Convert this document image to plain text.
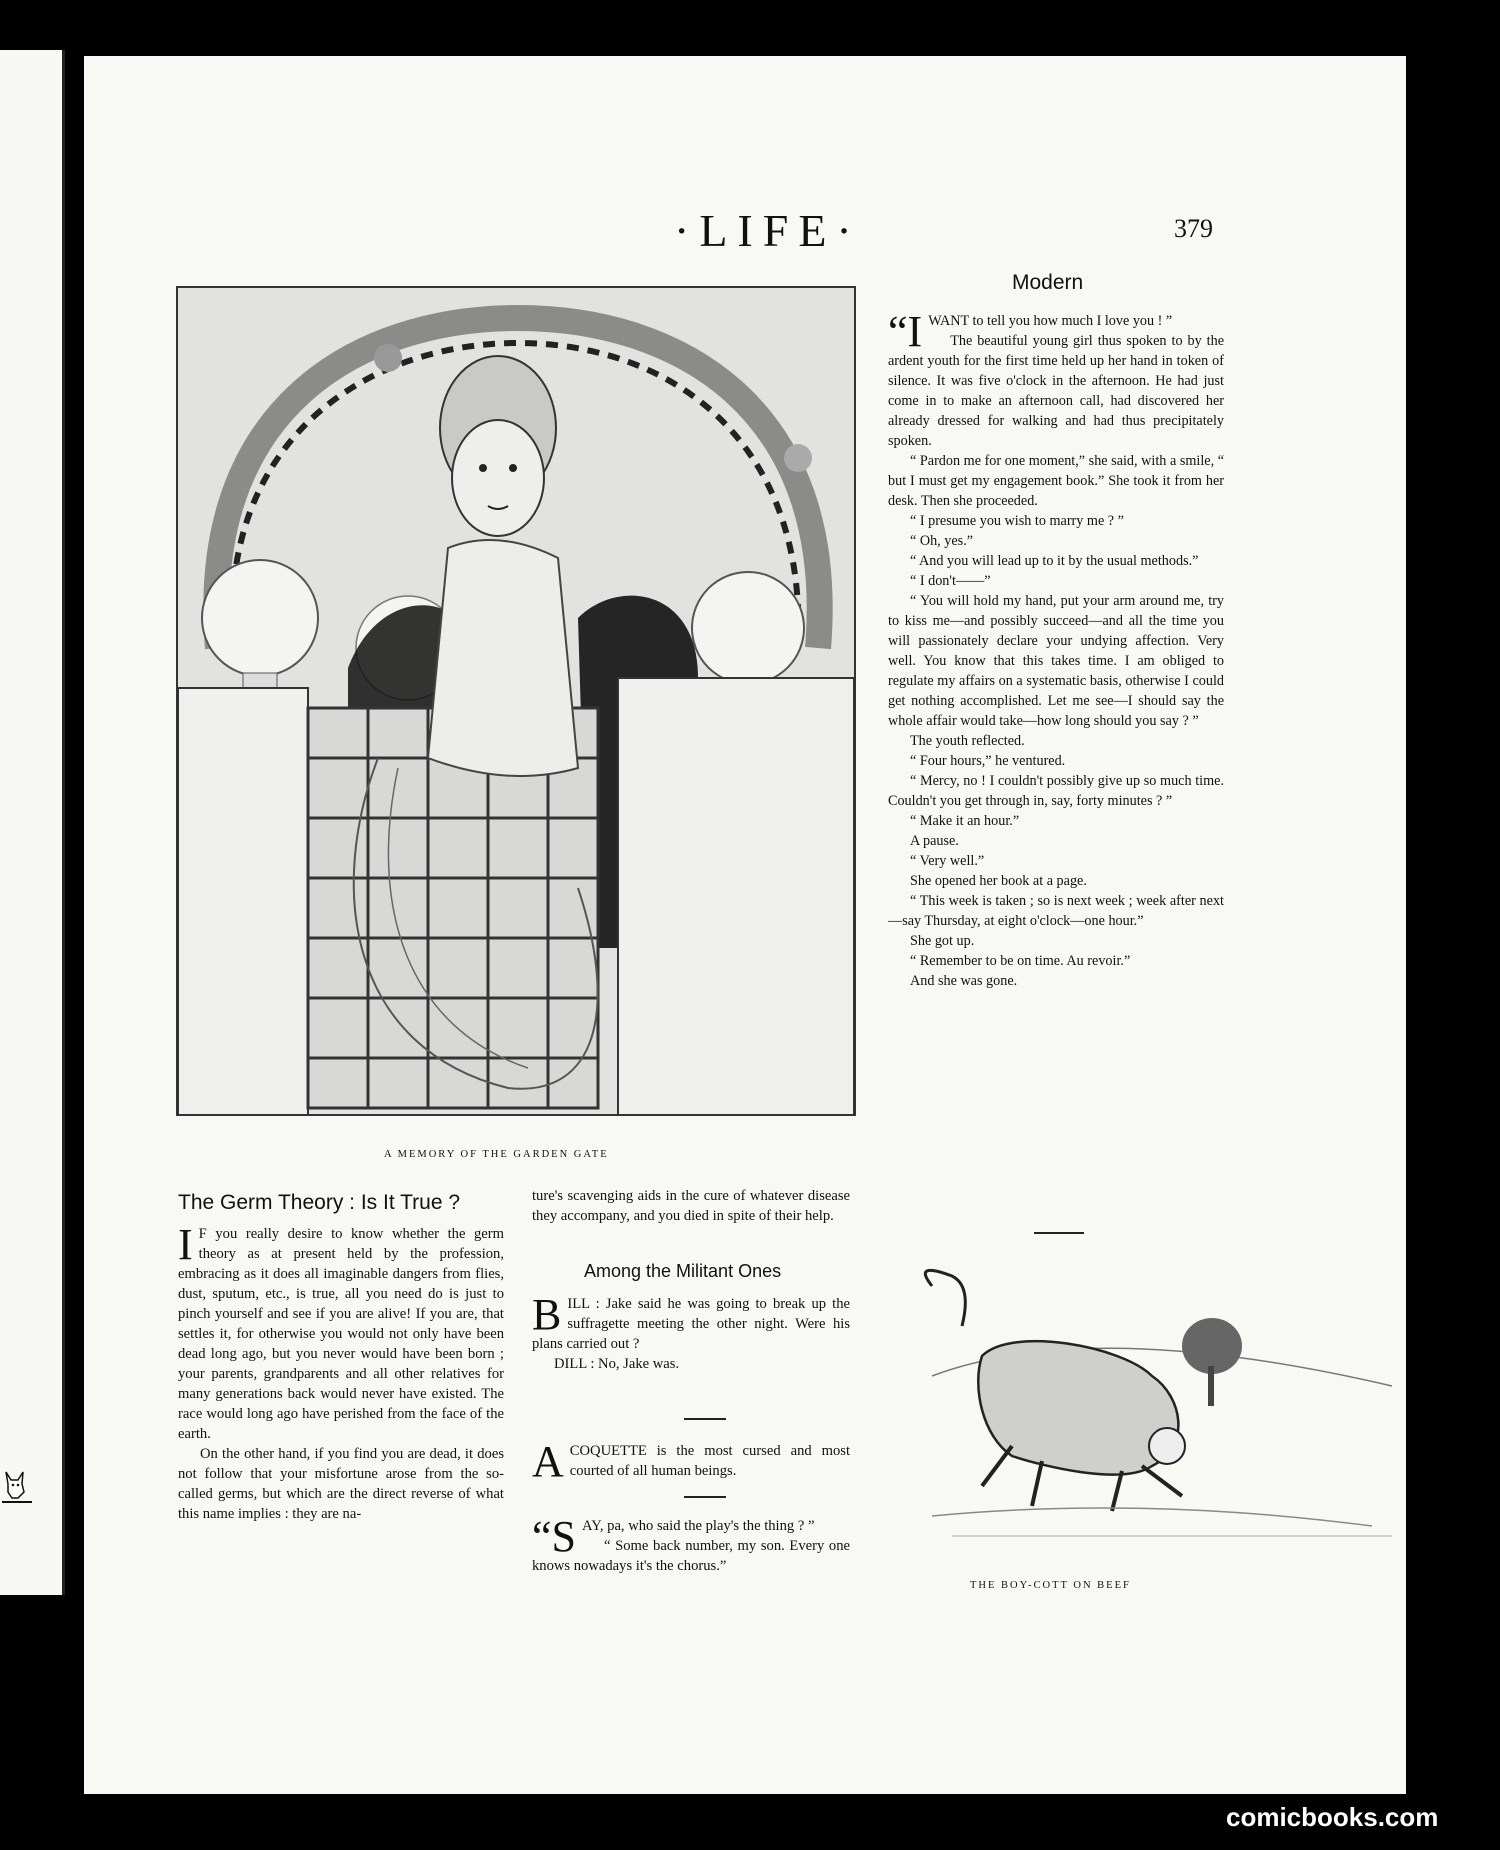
·LIFE·	379
A MEMORY OF THE GARDEN GATE
The Germ Theory : Is It True ?

I F you really desire to know whether the germ theory as at present held by the profession, embracing as it does all imaginable dangers from flies, dust, sputum, etc., is true, all you need do is just to pinch yourself and see if you are alive! If you are, that settles it, for otherwise you would not only have been dead long ago, but you never would have been born ; your parents, grandparents and all other relatives for many generations back would never have existed. The race would long ago have perished from the face of the earth.

On the other hand, if you find you are dead, it does not follow that your misfortune arose from the so-called germs, but which are the direct reverse of what this name implies : they are na-

ture's scavenging aids in the cure of whatever disease they accompany, and you died in spite of their help.

Among the Militant Ones

BILL : Jake said he was going to break up the suffragette meeting the other night. Were his plans carried out ?

DILL : No, Jake was.

ACOQUETTE is the most cursed and most courted of all human beings.

“SAY, pa, who said the play's the thing ? ”

“ Some back number, my son. Every one knows nowadays it's the chorus.”

Modern

“IWANT to tell you how much I love you ! ”

The beautiful young girl thus spoken to by the ardent youth for the first time held up her hand in token of silence. It was five o'clock in the afternoon. He had just come in to make an afternoon call, had discovered her already dressed for walking and had thus precipitately spoken.

“ Pardon me for one moment,” she said, with a smile, “ but I must get my engagement book.” She took it from her desk. Then she proceeded.

“ I presume you wish to marry me ? ”

“ Oh, yes.”

“ And you will lead up to it by the usual methods.”

“ I don't——”

“ You will hold my hand, put your arm around me, try to kiss me—and possibly succeed—and all the time you will passionately declare your undying affection. Very well. You know that this takes time. I am obliged to regulate my affairs on a systematic basis, otherwise I could get nothing accomplished. Let me see—I should say the whole affair would take—how long should you say ? ”

The youth reflected.

“ Four hours,” he ventured.

“ Mercy, no ! I couldn't possibly give up so much time. Couldn't you get through in, say, forty minutes ? ”

“ Make it an hour.”

A pause.

“ Very well.”

She opened her book at a page.

“ This week is taken ; so is next week ; week after next—say Thursday, at eight o'clock—one hour.”

She got up.

“ Remember to be on time. Au revoir.”

And she was gone.

THE BOY-COTT ON BEEF
comicbooks.com
